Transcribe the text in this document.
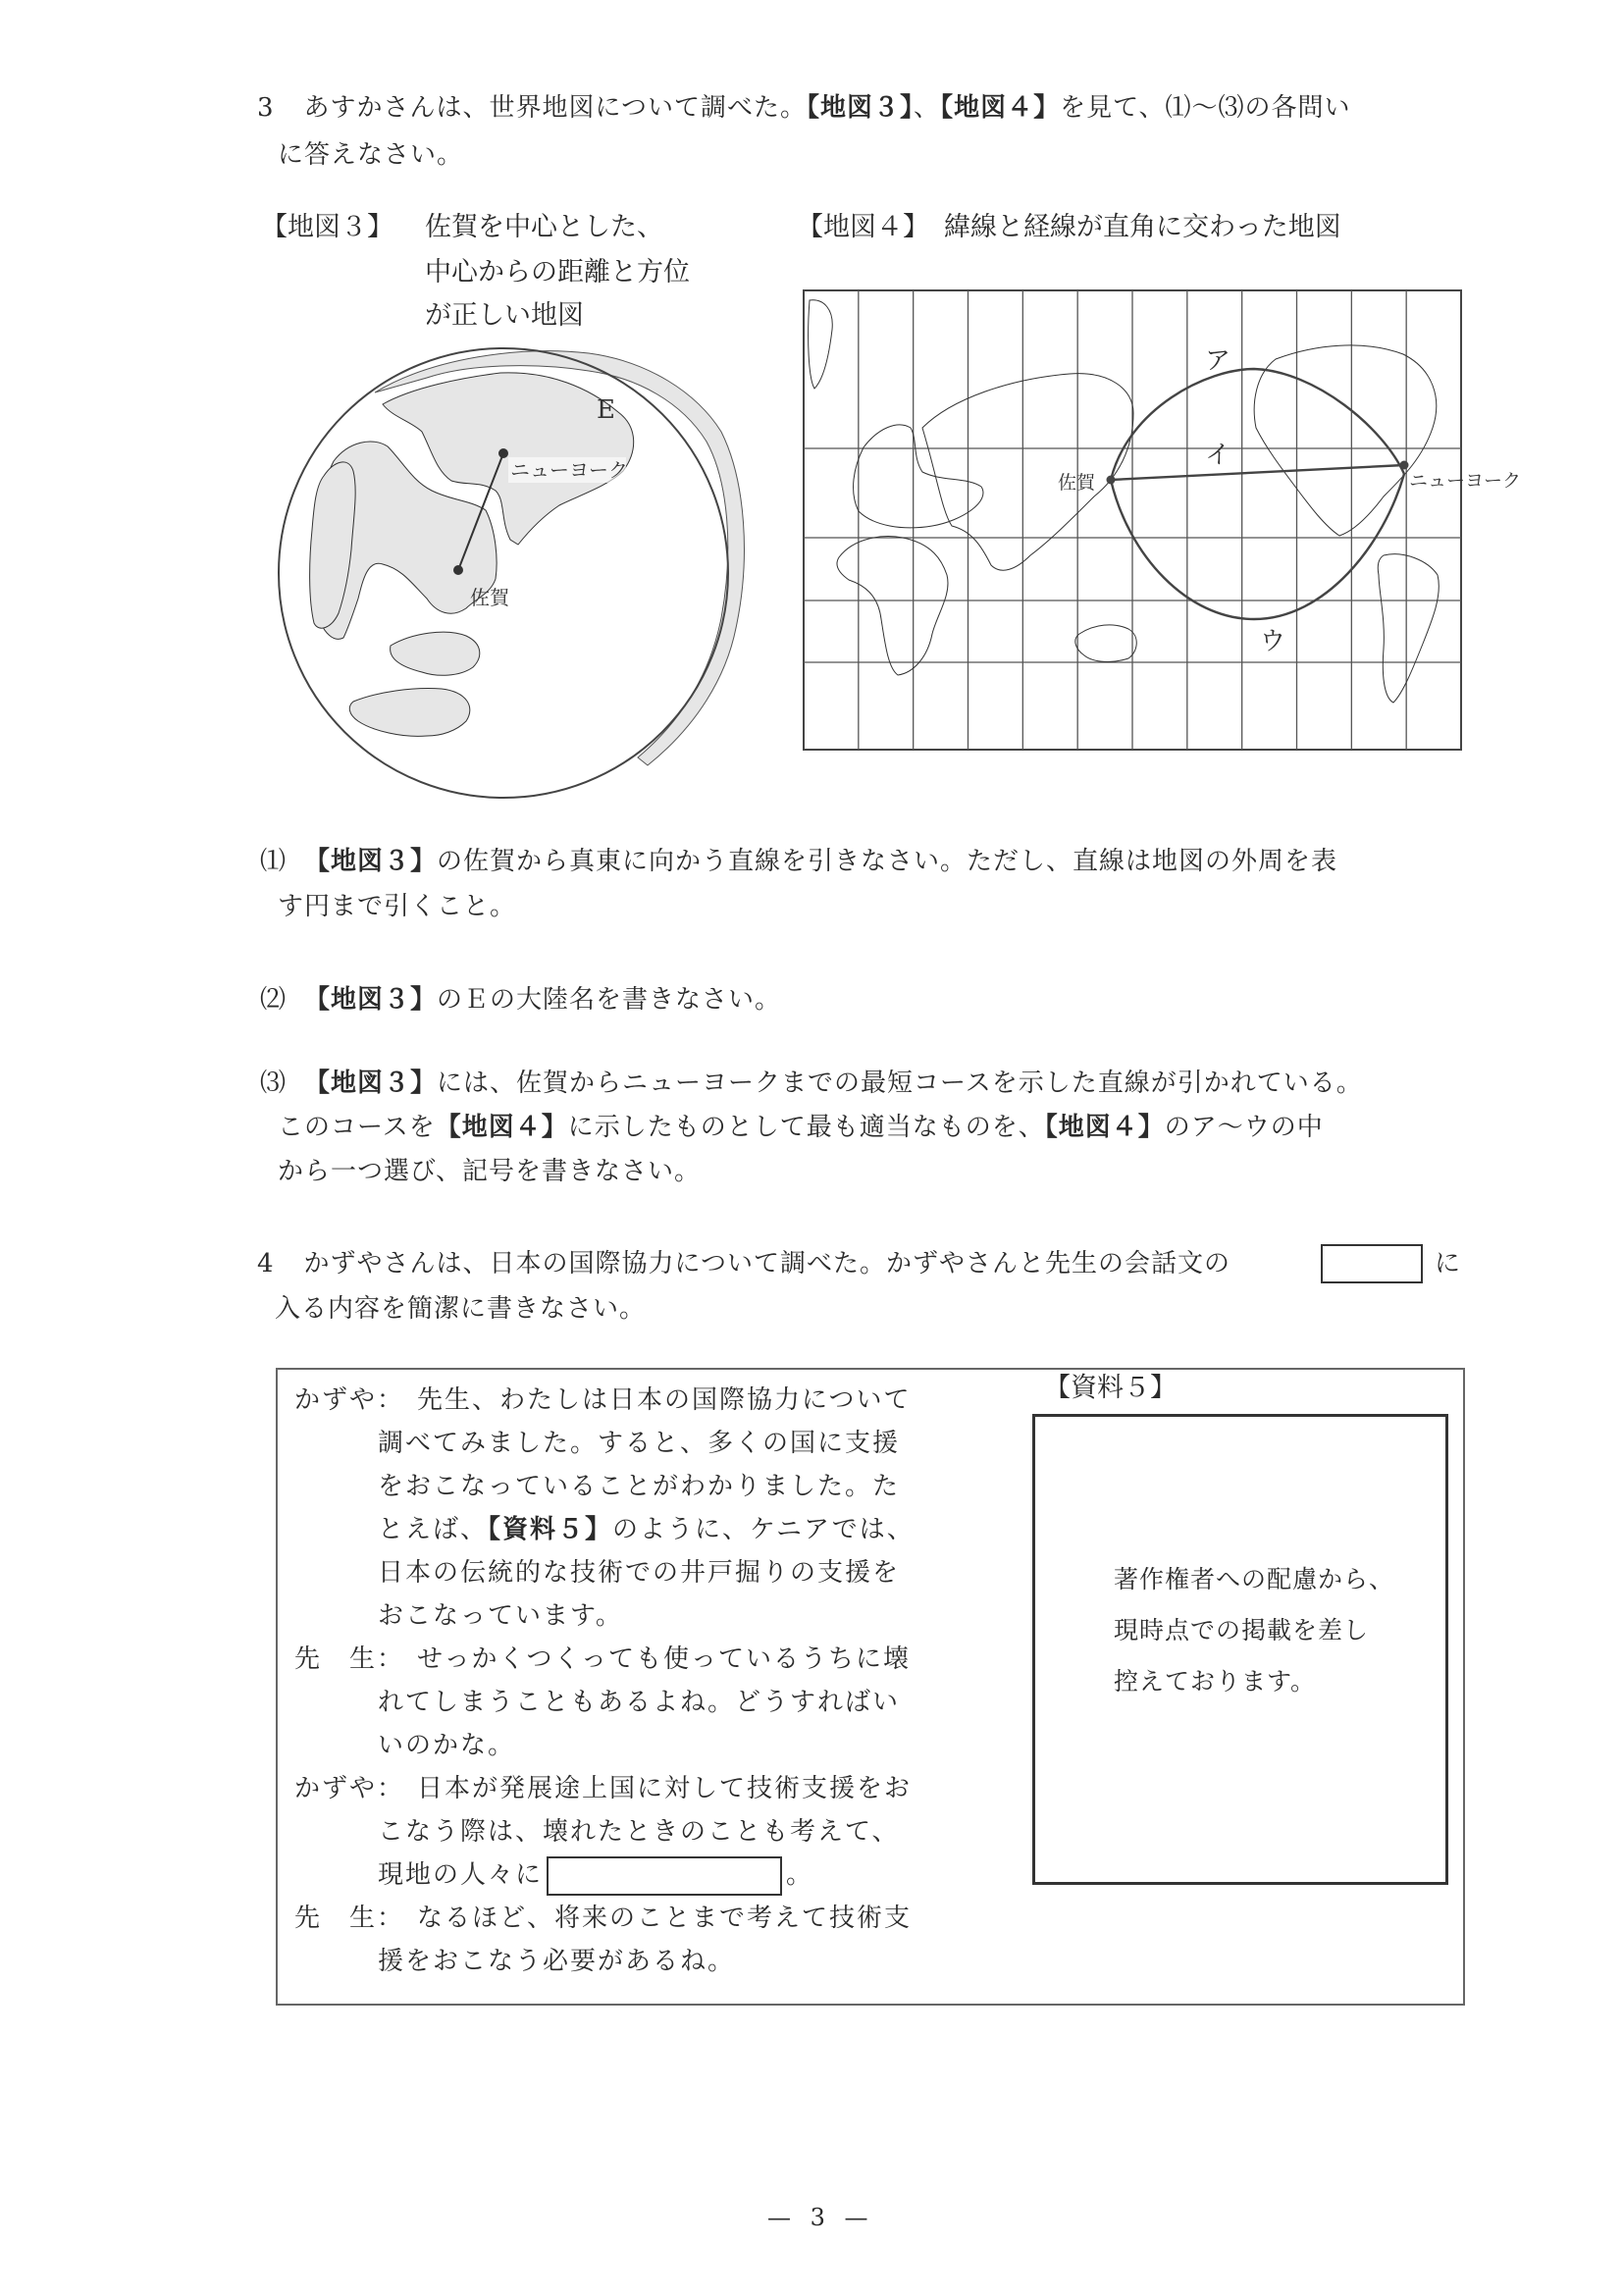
3 あすかさんは、世界地図について調べた。【地図３】、【地図４】を見て、⑴～⑶の各問い
に答えなさい。
【地図３】 佐賀を中心とした、
中心からの距離と方位
が正しい地図
【地図４】 緯線と経線が直角に交わった地図
E
ニューヨーク
佐賀
ア
イ
ウ
佐賀	ニューヨーク
⑴ 【地図３】の佐賀から真東に向かう直線を引きなさい。ただし、直線は地図の外周を表
す円まで引くこと。
⑵ 【地図３】のＥの大陸名を書きなさい。
⑶ 【地図３】には、佐賀からニューヨークまでの最短コースを示した直線が引かれている。
このコースを【地図４】に示したものとして最も適当なものを、【地図４】のア～ウの中
から一つ選び、記号を書きなさい。
4 かずやさんは、日本の国際協力について調べた。かずやさんと先生の会話文の	に
入る内容を簡潔に書きなさい。
かずや： 先生、わたしは日本の国際協力について
調べてみました。すると、多くの国に支援
をおこなっていることがわかりました。た
とえば、【資料５】のように、ケニアでは、
日本の伝統的な技術での井戸掘りの支援を
おこなっています。
先　生： せっかくつくっても使っているうちに壊
れてしまうこともあるよね。どうすればい
いのかな。
かずや： 日本が発展途上国に対して技術支援をお
こなう際は、壊れたときのことも考えて、
現地の人々に	。
先　生： なるほど、将来のことまで考えて技術支
援をおこなう必要があるね。
【資料５】
著作権者への配慮から、
現時点での掲載を差し
控えております。
— 3 —
